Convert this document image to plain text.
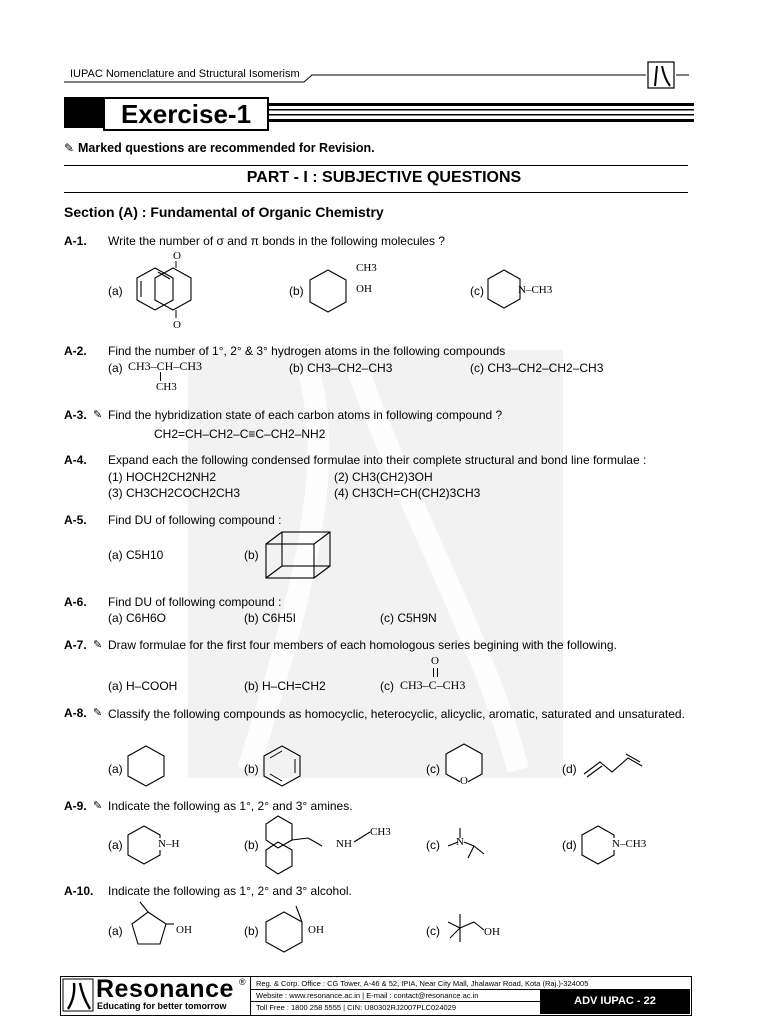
IUPAC Nomenclature and Structural Isomerism
Exercise-1
✎ Marked questions are recommended for Revision.
PART - I : SUBJECTIVE QUESTIONS
Section (A) : Fundamental of Organic Chemistry
A-1. Write the number of σ and π bonds in the following molecules ?
(a)
O
O
(b)
CH3
OH	(c)	N–CH3
A-2. Find the number of 1°, 2° & 3° hydrogen atoms in the following compounds
(a) CH3–CH–CH3
CH3
(b) CH3–CH2–CH3	(c) CH3–CH2–CH2–CH3
A-3. ✎ Find the hybridization state of each carbon atoms in following compound ?
CH2=CH–CH2–C≡C–CH2–NH2
A-4. Expand each the following condensed formulae into their complete structural and bond line formulae :
(1) HOCH2CH2NH2	(2) CH3(CH2)3OH
(3) CH3CH2COCH2CH3	(4) CH3CH=CH(CH2)3CH3
A-5. Find DU of following compound :
(a) C5H10	(b)
A-6. Find DU of following compound :
(a) C6H6O	(b) C6H5I	(c) C5H9N
A-7. ✎ Draw formulae for the first four members of each homologous series begining with the following.
(a) H–COOH	(b) H–CH=CH2	(c)
O
CH3–C–CH3
A-8. ✎ Classify the following compounds as homocyclic, heterocyclic, alicyclic, aromatic, saturated and unsaturated.
(a)	(b)	(c)
O
(d)
A-9. ✎ Indicate the following as 1°, 2° and 3° amines.
(a)	N–H	(b)	NH
CH3
(c) N	(d)	N–CH3
A-10. Indicate the following as 1°, 2° and 3° alcohol.
(a)	OH	(b)	OH	(c)	OH
Resonance ®
Educating for better tomorrow
Reg. & Corp. Office : CG Tower, A-46 & 52, IPIA, Near City Mall, Jhalawar Road, Kota (Raj.)-324005
Website : www.resonance.ac.in | E-mail : contact@resonance.ac.in
Toll Free : 1800 258 5555 | CIN: U80302RJ2007PLC024029
ADV IUPAC - 22
